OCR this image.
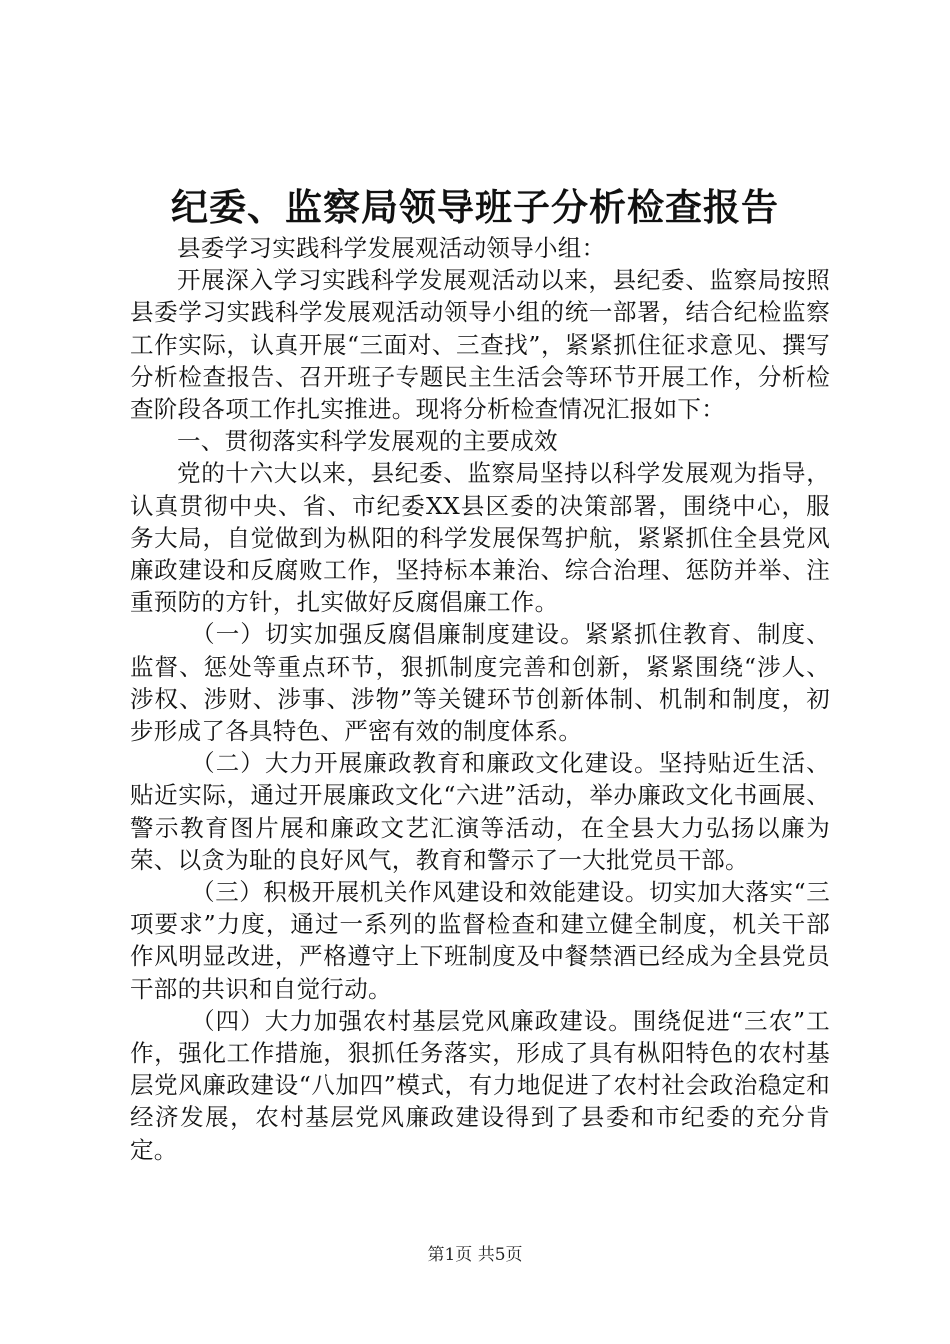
纪委、监察局领导班子分析检查报告

县委学习实践科学发展观活动领导小组：

开展深入学习实践科学发展观活动以来，县纪委、监察局按照县委学习实践科学发展观活动领导小组的统一部署，结合纪检监察工作实际，认真开展“三面对、三查找”，紧紧抓住征求意见、撰写分析检查报告、召开班子专题民主生活会等环节开展工作，分析检查阶段各项工作扎实推进。现将分析检查情况汇报如下：

一、贯彻落实科学发展观的主要成效

党的十六大以来，县纪委、监察局坚持以科学发展观为指导，认真贯彻中央、省、市纪委XX县区委的决策部署，围绕中心，服务大局，自觉做到为枞阳的科学发展保驾护航，紧紧抓住全县党风廉政建设和反腐败工作，坚持标本兼治、综合治理、惩防并举、注重预防的方针，扎实做好反腐倡廉工作。

（一）切实加强反腐倡廉制度建设。紧紧抓住教育、制度、监督、惩处等重点环节，狠抓制度完善和创新，紧紧围绕“涉人、涉权、涉财、涉事、涉物”等关键环节创新体制、机制和制度，初步形成了各具特色、严密有效的制度体系。

（二）大力开展廉政教育和廉政文化建设。坚持贴近生活、贴近实际，通过开展廉政文化“六进”活动，举办廉政文化书画展、警示教育图片展和廉政文艺汇演等活动，在全县大力弘扬以廉为荣、以贪为耻的良好风气，教育和警示了一大批党员干部。

（三）积极开展机关作风建设和效能建设。切实加大落实“三项要求”力度，通过一系列的监督检查和建立健全制度，机关干部作风明显改进，严格遵守上下班制度及中餐禁酒已经成为全县党员干部的共识和自觉行动。

（四）大力加强农村基层党风廉政建设。围绕促进“三农”工作，强化工作措施，狠抓任务落实，形成了具有枞阳特色的农村基层党风廉政建设“八加四”模式，有力地促进了农村社会政治稳定和经济发展，农村基层党风廉政建设得到了县委和市纪委的充分肯定。

第1页 共5页
